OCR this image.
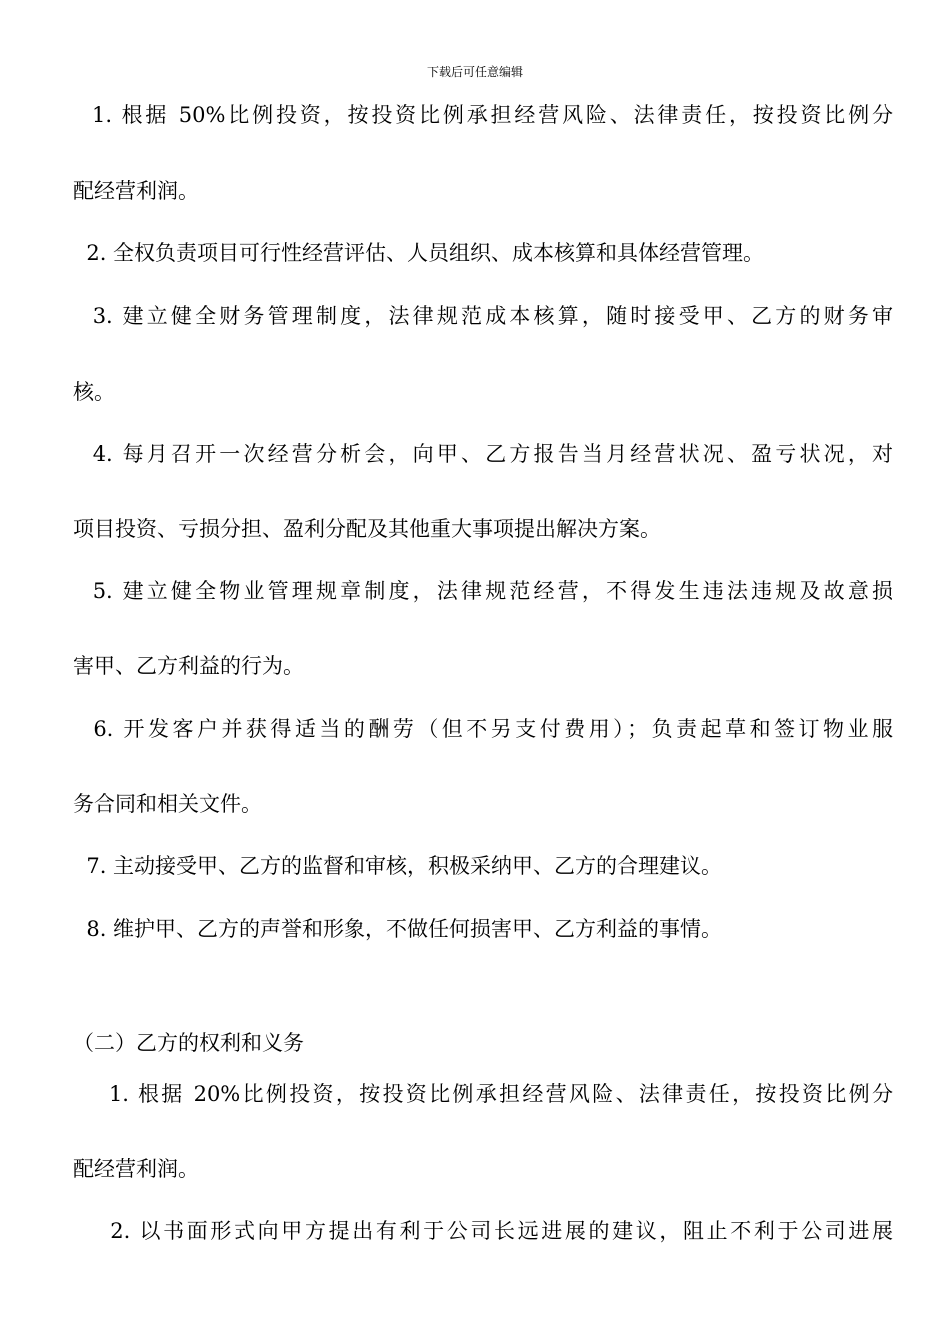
下载后可任意编辑
1. 根据 50%比例投资，按投资比例承担经营风险、法律责任，按投资比例分
配经营利润。
2. 全权负责项目可行性经营评估、人员组织、成本核算和具体经营管理。
3. 建立健全财务管理制度，法律规范成本核算，随时接受甲、乙方的财务审
核。
4. 每月召开一次经营分析会，向甲、乙方报告当月经营状况、盈亏状况，对
项目投资、亏损分担、盈利分配及其他重大事项提出解决方案。
5. 建立健全物业管理规章制度，法律规范经营，不得发生违法违规及故意损
害甲、乙方利益的行为。
6. 开发客户并获得适当的酬劳（但不另支付费用）；负责起草和签订物业服
务合同和相关文件。
7. 主动接受甲、乙方的监督和审核，积极采纳甲、乙方的合理建议。
8. 维护甲、乙方的声誉和形象，不做任何损害甲、乙方利益的事情。
（二）乙方的权利和义务
1. 根据 20%比例投资，按投资比例承担经营风险、法律责任，按投资比例分
配经营利润。
2. 以书面形式向甲方提出有利于公司长远进展的建议，阻止不利于公司进展
